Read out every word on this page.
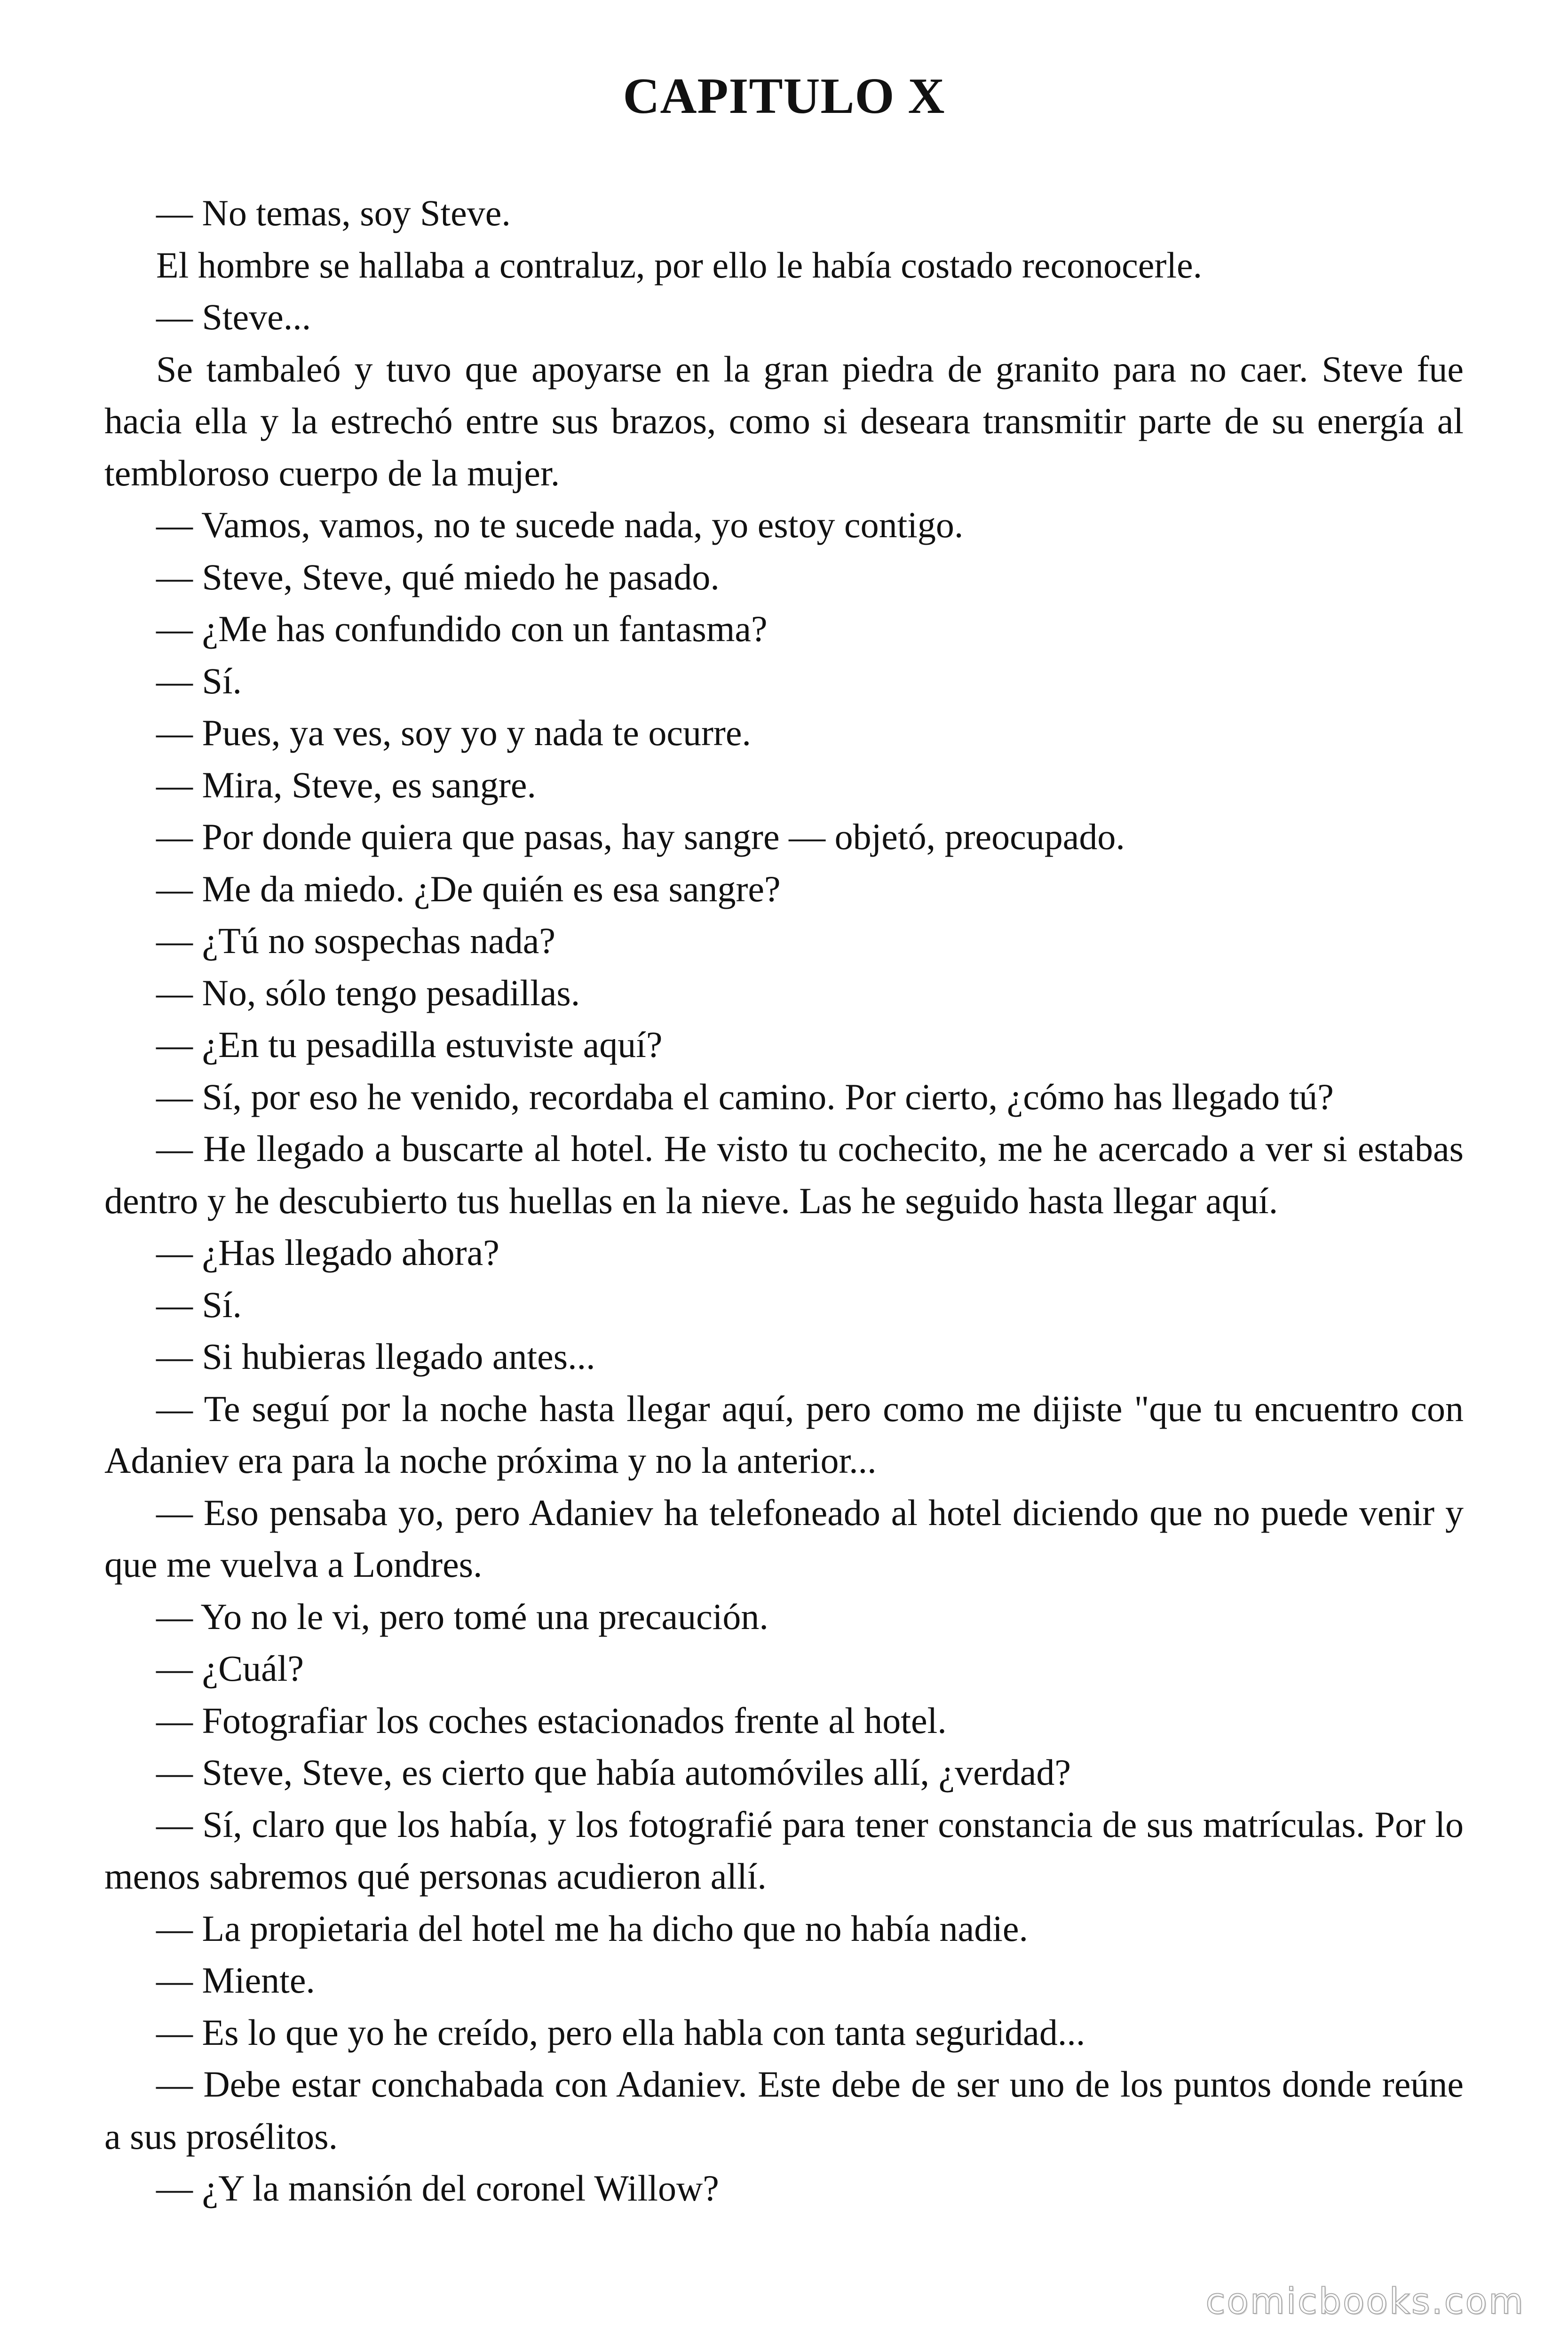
CAPITULO X

— No temas, soy Steve.

El hombre se hallaba a contraluz, por ello le había costado reconocerle.

— Steve...

Se tambaleó y tuvo que apoyarse en la gran piedra de granito para no caer. Steve fue hacia ella y la estrechó entre sus brazos, como si deseara transmitir parte de su energía al tembloroso cuerpo de la mujer.

— Vamos, vamos, no te sucede nada, yo estoy contigo.

— Steve, Steve, qué miedo he pasado.

— ¿Me has confundido con un fantasma?

— Sí.

— Pues, ya ves, soy yo y nada te ocurre.

— Mira, Steve, es sangre.

— Por donde quiera que pasas, hay sangre — objetó, preocupado.

— Me da miedo. ¿De quién es esa sangre?

— ¿Tú no sospechas nada?

— No, sólo tengo pesadillas.

— ¿En tu pesadilla estuviste aquí?

— Sí, por eso he venido, recordaba el camino. Por cierto, ¿cómo has llegado tú?

— He llegado a buscarte al hotel. He visto tu cochecito, me he acercado a ver si estabas dentro y he descubierto tus huellas en la nieve. Las he seguido hasta llegar aquí.

— ¿Has llegado ahora?

— Sí.

— Si hubieras llegado antes...

— Te seguí por la noche hasta llegar aquí, pero como me dijiste "que tu encuentro con Adaniev era para la noche próxima y no la anterior...

— Eso pensaba yo, pero Adaniev ha telefoneado al hotel diciendo que no puede venir y que me vuelva a Londres.

— Yo no le vi, pero tomé una precaución.

— ¿Cuál?

— Fotografiar los coches estacionados frente al hotel.

— Steve, Steve, es cierto que había automóviles allí, ¿verdad?

— Sí, claro que los había, y los fotografié para tener constancia de sus matrículas. Por lo menos sabremos qué personas acudieron allí.

— La propietaria del hotel me ha dicho que no había nadie.

— Miente.

— Es lo que yo he creído, pero ella habla con tanta seguridad...

— Debe estar conchabada con Adaniev. Este debe de ser uno de los puntos donde reúne a sus prosélitos.

— ¿Y la mansión del coronel Willow?

comicbooks.com
